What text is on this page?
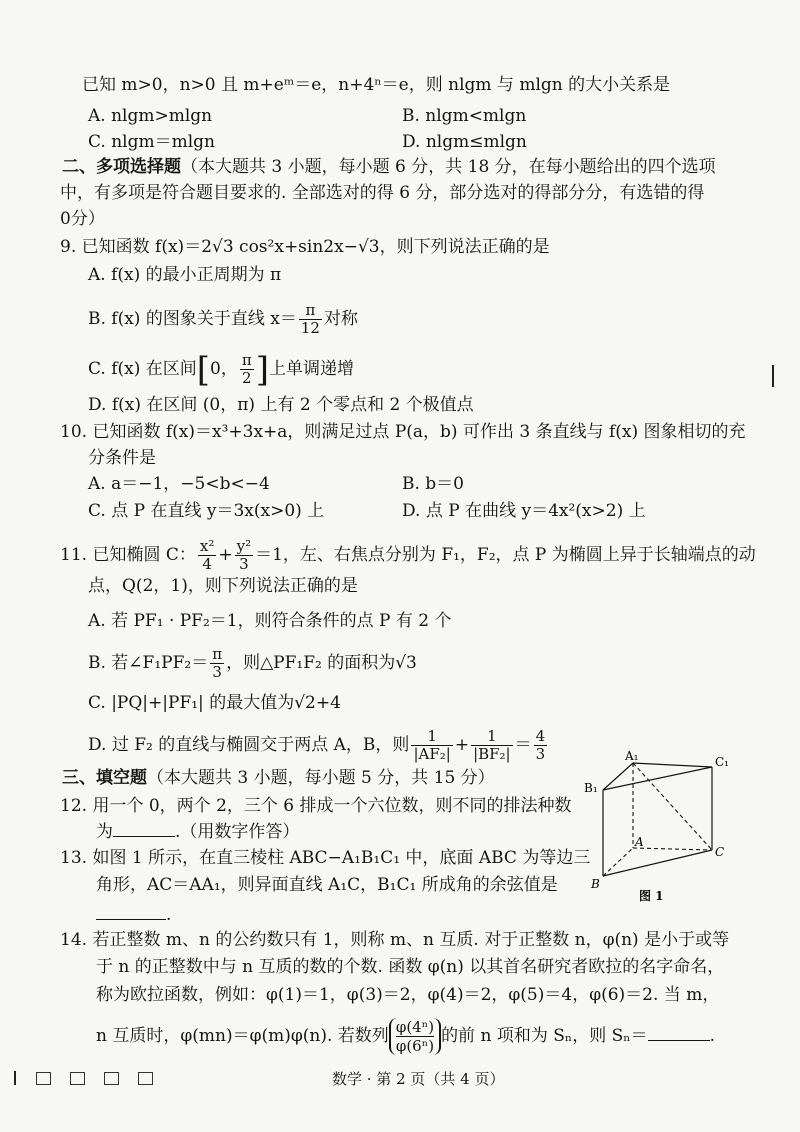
已知 m>0，n>0 且 m+eᵐ＝e，n+4ⁿ＝e，则 nlgm 与 mlgn 的大小关系是
A. nlgm>mlgn	B. nlgm<mlgn
C. nlgm＝mlgn	D. nlgm≤mlgn
二、多项选择题（本大题共 3 小题，每小题 6 分，共 18 分，在每小题给出的四个选项
中，有多项是符合题目要求的. 全部选对的得 6 分，部分选对的得部分分，有选错的得
0分）
9. 已知函数 f(x)＝2√3 cos²x+sin2x−√3，则下列说法正确的是
A. f(x) 的最小正周期为 π
B. f(x) 的图象关于直线 $x= \frac{\pi}{12}$ 对称
C. f(x) 在区间[0， $\frac{\pi}{2}$ ]上单调递增
D. f(x) 在区间 (0，π) 上有 2 个零点和 2 个极值点
10. 已知函数 f(x)＝x³+3x+a，则满足过点 P(a，b) 可作出 3 条直线与 f(x) 图象相切的充
分条件是
A. a＝−1，−5<b<−4	B. b＝0
C. 点 P 在直线 y＝3x(x>0) 上	D. 点 P 在曲线 y＝4x²(x>2) 上
11. 已知椭圆 C： $\frac{\text{x²}}{4} + \frac{\text{y²}}{3} =1$，左、右焦点分别为 F₁，F₂，点 P 为椭圆上异于长轴端点的动
点，Q(2，1)，则下列说法正确的是
A. 若 PF₁ · PF₂＝1，则符合条件的点 P 有 2 个
B. 若∠F₁PF₂＝ $\frac{\pi}{3}$ ，则△PF₁F₂ 的面积为√3
C. |PQ|+|PF₁| 的最大值为√2+4
D. 过 F₂ 的直线与椭圆交于两点 A，B，则 $\frac{1}{\text{|AF₂|}} + \frac{1}{\text{|BF₂|}} = \frac{4}{3}$
三、填空题（本大题共 3 小题，每小题 5 分，共 15 分）
12. 用一个 0，两个 2，三个 6 排成一个六位数，则不同的排法种数
为	.（用数字作答）
13. 如图 1 所示，在直三棱柱 ABC−A₁B₁C₁ 中，底面 ABC 为等边三
角形，AC＝AA₁，则异面直线 A₁C，B₁C₁ 所成角的余弦值是
.
A₁
B₁
C₁
A
B
C
图 1
14. 若正整数 m、n 的公约数只有 1，则称 m、n 互质. 对于正整数 n，φ(n) 是小于或等
于 n 的正整数中与 n 互质的数的个数. 函数 φ(n) 以其首名研究者欧拉的名字命名，
称为欧拉函数，例如：φ(1)＝1，φ(3)＝2，φ(4)＝2，φ(5)＝4，φ(6)＝2. 当 m，
n 互质时，φ(mn)＝φ(m)φ(n). 若数列 $\frac{\text{φ(4ⁿ)}}{\text{φ(6ⁿ)}}$的前 n 项和为 Sₙ，则 Sₙ＝	.
数学 · 第 2 页（共 4 页）
